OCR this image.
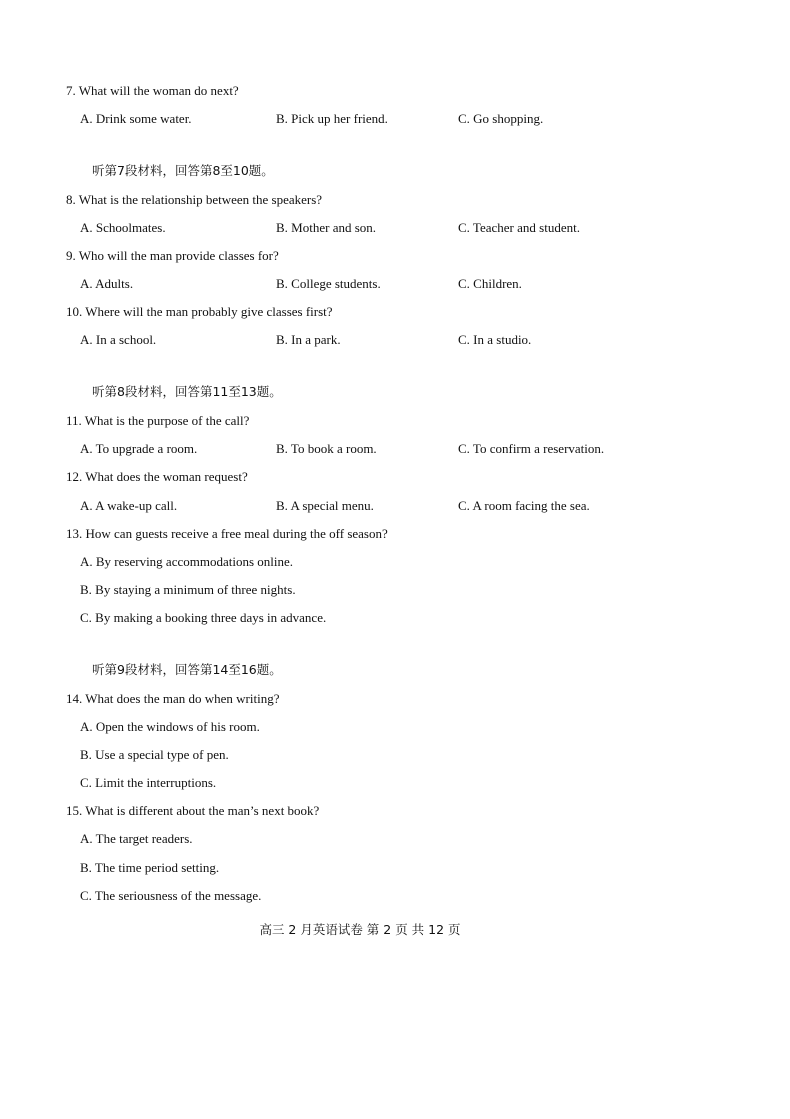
7. What will the woman do next?
A. Drink some water.	B. Pick up her friend.	C. Go shopping.
听第7段材料，回答第8至10题。
8. What is the relationship between the speakers?
A. Schoolmates.	B. Mother and son.	C. Teacher and student.
9. Who will the man provide classes for?
A. Adults.	B. College students.	C. Children.
10. Where will the man probably give classes first?
A. In a school.	B. In a park.	C. In a studio.
听第8段材料，回答第11至13题。
11. What is the purpose of the call?
A. To upgrade a room.	B. To book a room.	C. To confirm a reservation.
12. What does the woman request?
A. A wake-up call.	B. A special menu.	C. A room facing the sea.
13. How can guests receive a free meal during the off season?
A. By reserving accommodations online.
B. By staying a minimum of three nights.
C. By making a booking three days in advance.
听第9段材料，回答第14至16题。
14. What does the man do when writing?
A. Open the windows of his room.
B. Use a special type of pen.
C. Limit the interruptions.
15. What is different about the man’s next book?
A. The target readers.
B. The time period setting.
C. The seriousness of the message.
高三 2 月英语试卷 第 2 页 共 12 页
